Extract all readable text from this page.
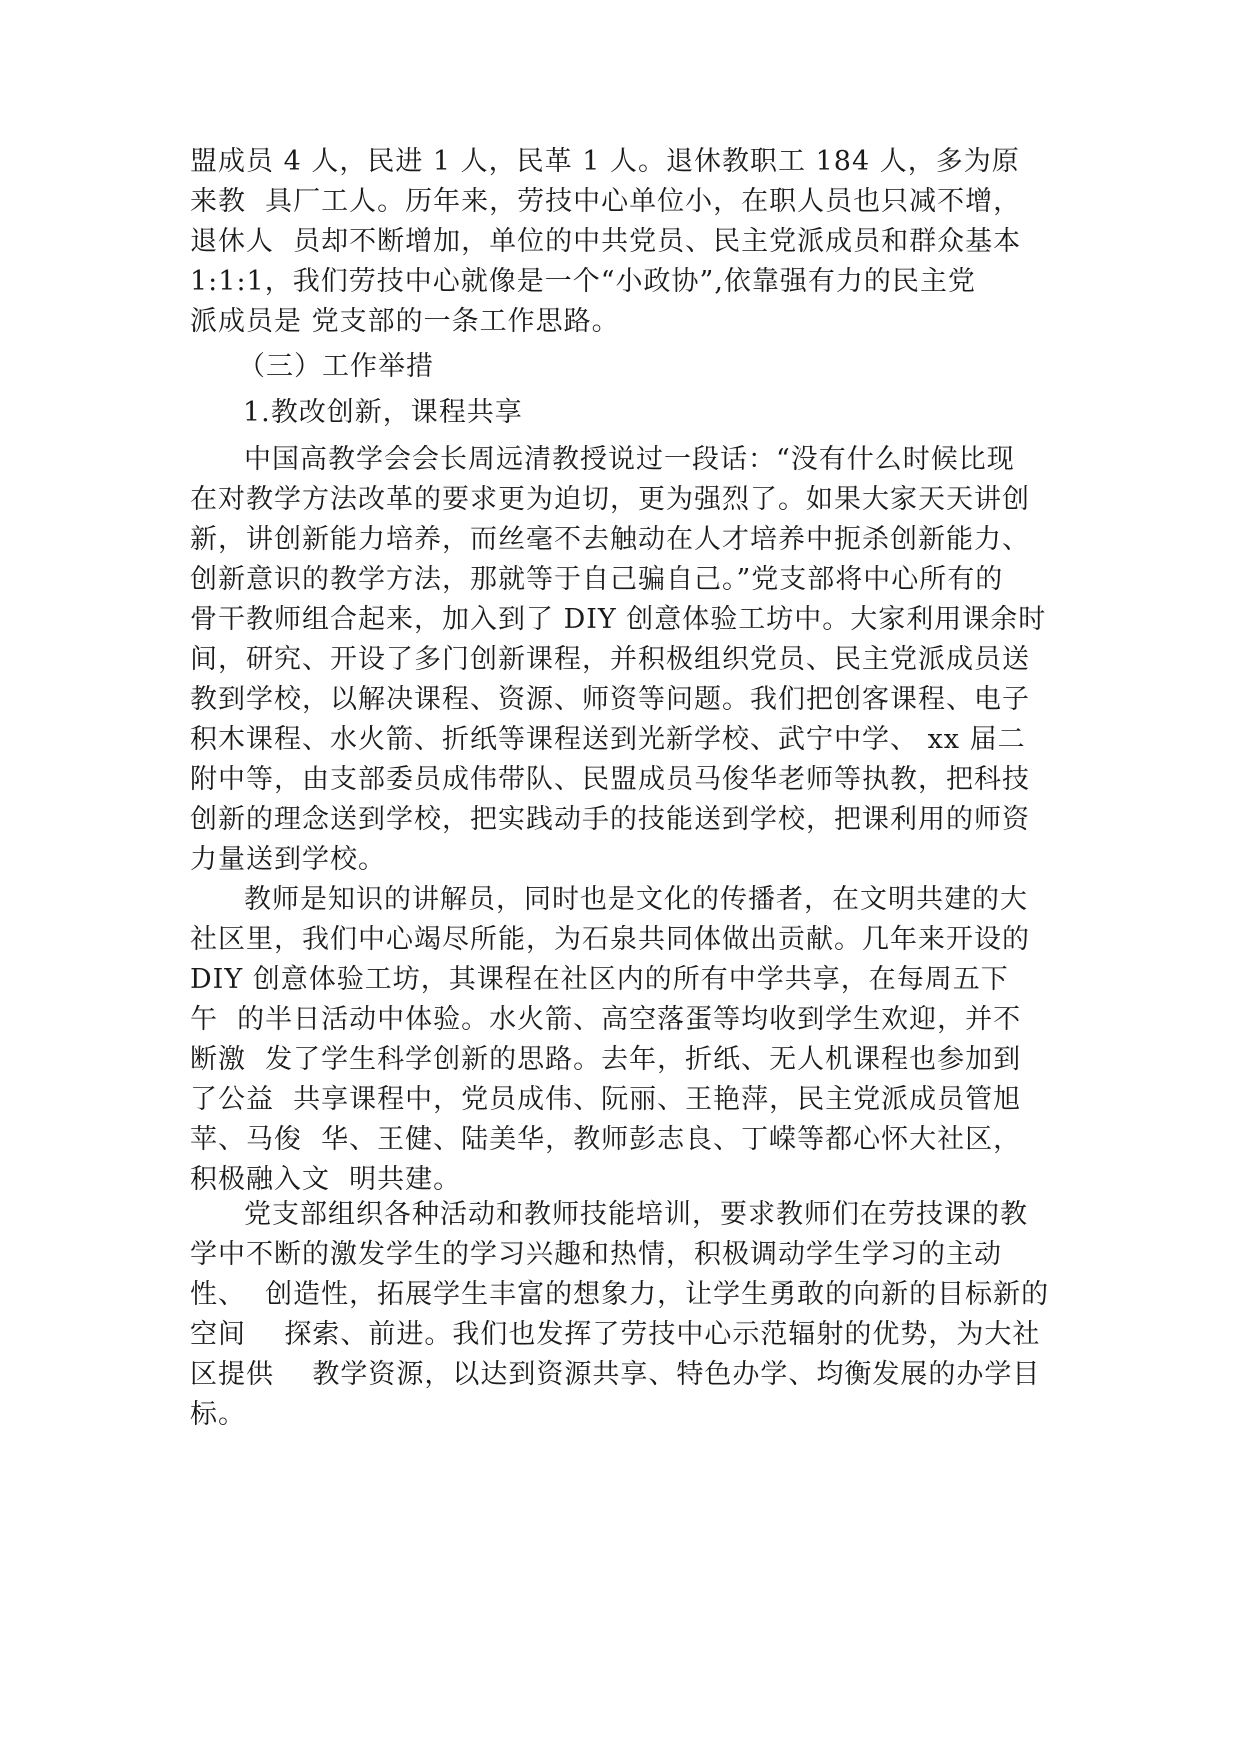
盟成员 4 人，民进 1 人，民革 1 人。退休教职工 184 人，多为原
来教  具厂工人。历年来，劳技中心单位小，在职人员也只减不增，
退休人  员却不断增加，单位的中共党员、民主党派成员和群众基本
1:1:1，我们劳技中心就像是一个“小政协”,依靠强有力的民主党
派成员是 党支部的一条工作思路。
（三）工作举措
1.教改创新，课程共享
中国高教学会会长周远清教授说过一段话：“没有什么时候比现
在对教学方法改革的要求更为迫切，更为强烈了。如果大家天天讲创
新，讲创新能力培养，而丝毫不去触动在人才培养中扼杀创新能力、
创新意识的教学方法，那就等于自己骗自己。”党支部将中心所有的
骨干教师组合起来，加入到了 DIY 创意体验工坊中。大家利用课余时
间，研究、开设了多门创新课程，并积极组织党员、民主党派成员送
教到学校，以解决课程、资源、师资等问题。我们把创客课程、电子
积木课程、水火箭、折纸等课程送到光新学校、武宁中学、 xx 届二
附中等，由支部委员成伟带队、民盟成员马俊华老师等执教，把科技
创新的理念送到学校，把实践动手的技能送到学校，把课利用的师资
力量送到学校。
教师是知识的讲解员，同时也是文化的传播者，在文明共建的大
社区里，我们中心竭尽所能，为石泉共同体做出贡献。几年来开设的
DIY 创意体验工坊，其课程在社区内的所有中学共享，在每周五下
午  的半日活动中体验。水火箭、高空落蛋等均收到学生欢迎，并不
断激  发了学生科学创新的思路。去年，折纸、无人机课程也参加到
了公益  共享课程中，党员成伟、阮丽、王艳萍，民主党派成员管旭
苹、马俊  华、王健、陆美华，教师彭志良、丁嵘等都心怀大社区，
积极融入文  明共建。
党支部组织各种活动和教师技能培训，要求教师们在劳技课的教
学中不断的激发学生的学习兴趣和热情，积极调动学生学习的主动
性、  创造性，拓展学生丰富的想象力，让学生勇敢的向新的目标新的
空间    探索、前进。我们也发挥了劳技中心示范辐射的优势，为大社
区提供    教学资源，以达到资源共享、特色办学、均衡发展的办学目
标。
